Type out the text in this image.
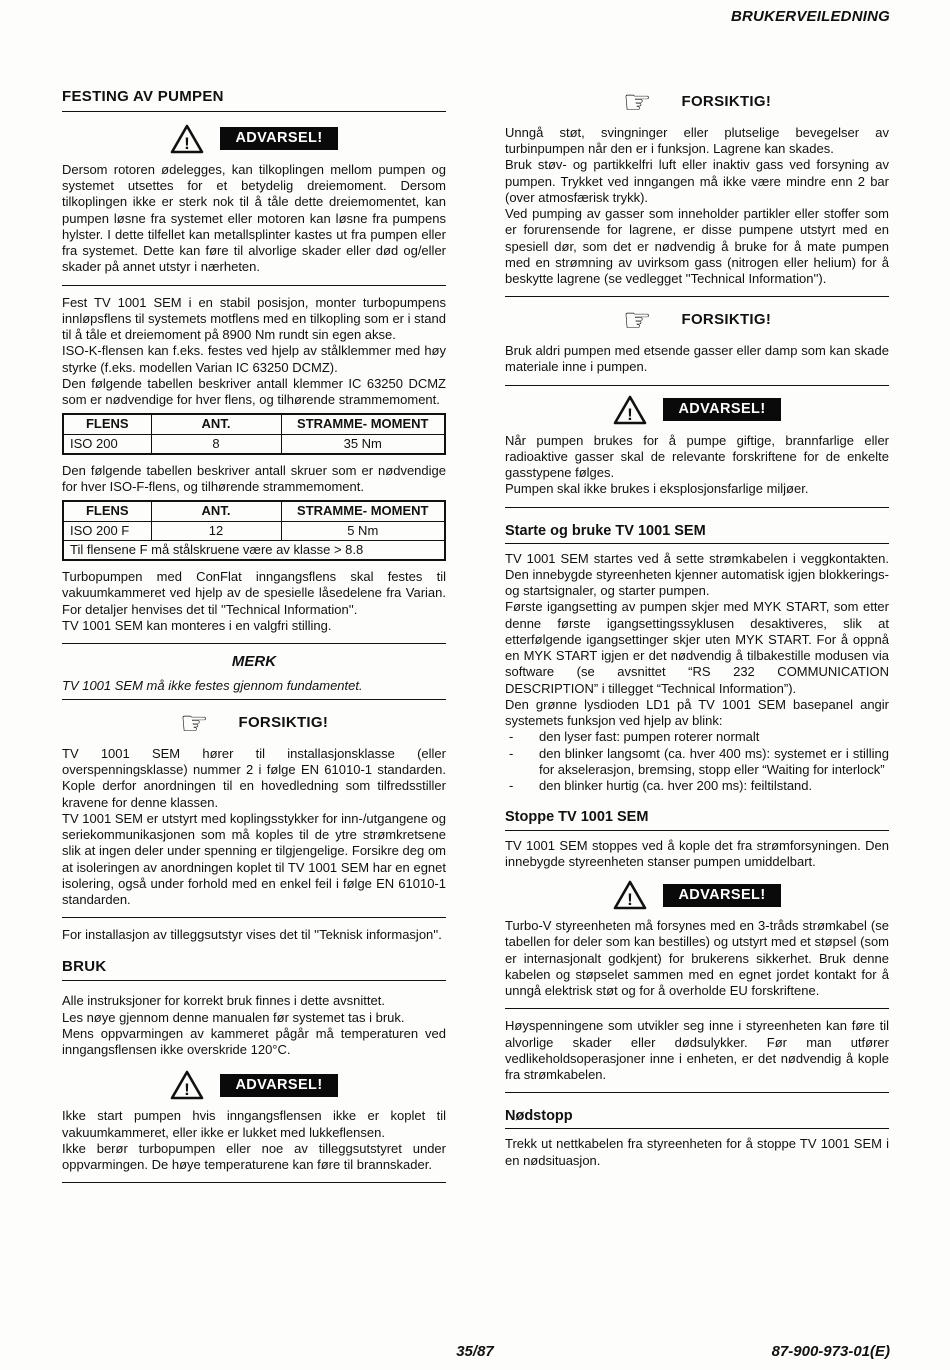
BRUKERVEILEDNING
FESTING AV PUMPEN
!	ADVARSEL!

Dersom rotoren ødelegges, kan tilkoplingen mellom pumpen og systemet utsettes for et betydelig dreiemoment. Dersom tilkoplingen ikke er sterk nok til å tåle dette dreiemomentet, kan pumpen løsne fra systemet eller motoren kan løsne fra pumpens hylster. I dette tilfellet kan metallsplinter kastes ut fra pumpen eller fra systemet. Dette kan føre til alvorlige skader eller død og/eller skader på annet utstyr i nærheten.

Fest TV 1001 SEM i en stabil posisjon, monter turbopumpens innløpsflens til systemets motflens med en tilkopling som er i stand til å tåle et dreiemoment på 8900 Nm rundt sin egen akse.

ISO-K-flensen kan f.eks. festes ved hjelp av stålklemmer med høy styrke (f.eks. modellen Varian IC 63250 DCMZ).

Den følgende tabellen beskriver antall klemmer IC 63250 DCMZ som er nødvendige for hver flens, og tilhørende strammemoment.

FLENS	ANT.	STRAMME- MOMENT
ISO 200	8	35 Nm

Den følgende tabellen beskriver antall skruer som er nødvendige for hver ISO-F-flens, og tilhørende strammemoment.

FLENS	ANT.	STRAMME- MOMENT
ISO 200 F	12	5 Nm
Til flensene F må stålskruene være av klasse > 8.8		

Turbopumpen med ConFlat inngangsflens skal festes til vakuumkammeret ved hjelp av de spesielle låsedelene fra Varian. For detaljer henvises det til ''Technical Information''.

TV 1001 SEM kan monteres i en valgfri stilling.

MERK

TV 1001 SEM må ikke festes gjennom fundamentet.

☞ FORSIKTIG!

TV 1001 SEM hører til installasjonsklasse (eller overspenningsklasse) nummer 2 i følge EN 61010-1 standarden. Kople derfor anordningen til en hovedledning som tilfredsstiller kravene for denne klassen.

TV 1001 SEM er utstyrt med koplingsstykker for inn-/utgangene og seriekommunikasjonen som må koples til de ytre strømkretsene slik at ingen deler under spenning er tilgjengelige. Forsikre deg om at isoleringen av anordningen koplet til TV 1001 SEM har en egnet isolering, også under forhold med en enkel feil i følge EN 61010-1 standarden.

For installasjon av tilleggsutstyr vises det til ''Teknisk informasjon''.

BRUK

Alle instruksjoner for korrekt bruk finnes i dette avsnittet.

Les nøye gjennom denne manualen før systemet tas i bruk.

Mens oppvarmingen av kammeret pågår må temperaturen ved inngangsflensen ikke overskride 120°C.

!	ADVARSEL!

Ikke start pumpen hvis inngangsflensen ikke er koplet til vakuumkammeret, eller ikke er lukket med lukkeflensen.

Ikke berør turbopumpen eller noe av tilleggsutstyret under oppvarmingen. De høye temperaturene kan føre til brannskader.

☞ FORSIKTIG!

Unngå støt, svingninger eller plutselige bevegelser av turbinpumpen når den er i funksjon. Lagrene kan skades.

Bruk støv- og partikkelfri luft eller inaktiv gass ved forsyning av pumpen. Trykket ved inngangen må ikke være mindre enn 2 bar (over atmosfærisk trykk).

Ved pumping av gasser som inneholder partikler eller stoffer som er forurensende for lagrene, er disse pumpene utstyrt med en spesiell dør, som det er nødvendig å bruke for å mate pumpen med en strømning av uvirksom gass (nitrogen eller helium) for å beskytte lagrene (se vedlegget ''Technical Information'').

☞ FORSIKTIG!

Bruk aldri pumpen med etsende gasser eller damp som kan skade materiale inne i pumpen.

!	ADVARSEL!

Når pumpen brukes for å pumpe giftige, brannfarlige eller radioaktive gasser skal de relevante forskriftene for de enkelte gasstypene følges.

Pumpen skal ikke brukes i eksplosjonsfarlige miljøer.

Starte og bruke TV 1001 SEM

TV 1001 SEM startes ved å sette strømkabelen i veggkontakten. Den innebygde styreenheten kjenner automatisk igjen blokkerings- og startsignaler, og starter pumpen.

Første igangsetting av pumpen skjer med MYK START, som etter denne første igangsettingssyklusen desaktiveres, slik at etterfølgende igangsettinger skjer uten MYK START. For å oppnå en MYK START igjen er det nødvendig å tilbakestille modusen via software (se avsnittet “RS 232 COMMUNICATION DESCRIPTION” i tillegget “Technical Information”).

Den grønne lysdioden LD1 på TV 1001 SEM basepanel angir systemets funksjon ved hjelp av blink:

-	den lyser fast: pumpen roterer normalt
-	den blinker langsomt (ca. hver 400 ms): systemet er i stilling for akselerasjon, bremsing, stopp eller “Waiting for interlock”
-	den blinker hurtig (ca. hver 200 ms): feiltilstand.
Stoppe TV 1001 SEM

TV 1001 SEM stoppes ved å kople det fra strømforsyningen. Den innebygde styreenheten stanser pumpen umiddelbart.

!	ADVARSEL!

Turbo-V styreenheten må forsynes med en 3-tråds strømkabel (se tabellen for deler som kan bestilles) og utstyrt med et støpsel (som er internasjonalt godkjent) for brukerens sikkerhet. Bruk denne kabelen og støpselet sammen med en egnet jordet kontakt for å unngå elektrisk støt og for å overholde EU forskriftene.

Høyspenningene som utvikler seg inne i styreenheten kan føre til alvorlige skader eller dødsulykker. Før man utfører vedlikeholdsoperasjoner inne i enheten, er det nødvendig å kople fra strømkabelen.

Nødstopp

Trekk ut nettkabelen fra styreenheten for å stoppe TV 1001 SEM i en nødsituasjon.

35/87	87-900-973-01(E)
